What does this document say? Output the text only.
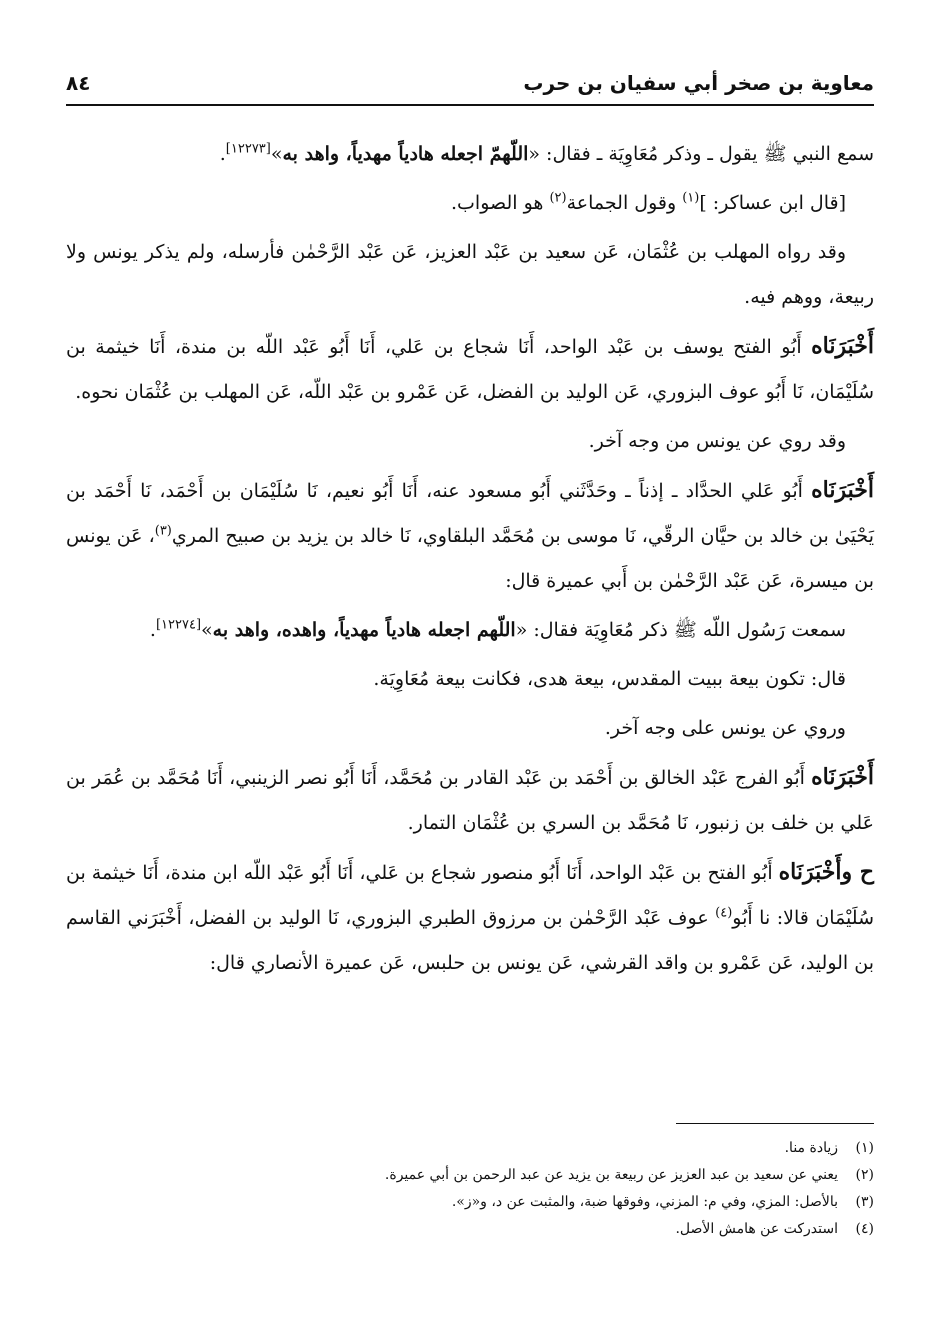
معاوية بن صخر أبي سفيان بن حرب
٨٤

سمع النبي ﷺ يقول ـ وذكر مُعَاوِيَة ـ فقال: «اللّهمّ اجعله هادياً مهدياً، واهد به»[١٢٢٧٣].

[قال ابن عساكر: ]$^{(١)}$ وقول الجماعة$^{(٢)}$ هو الصواب.

وقد رواه المهلب بن عُثْمَان، عَن سعيد بن عَبْد العزيز، عَن عَبْد الرَّحْمٰن فأرسله، ولم يذكر يونس ولا ربيعة، ووهم فيه.

أَخْبَرَنَاه أَبُو الفتح يوسف بن عَبْد الواحد، أَنَا شجاع بن عَلي، أَنَا أَبُو عَبْد اللّه بن مندة، أَنَا خيثمة بن سُلَيْمَان، نَا أَبُو عوف البزوري، عَن الوليد بن الفضل، عَن عَمْرو بن عَبْد اللّه، عَن المهلب بن عُثْمَان نحوه.

وقد روي عن يونس من وجه آخر.

أَخْبَرَنَاه أَبُو عَلي الحدَّاد ـ إذناً ـ وحَدَّثَني أَبُو مسعود عنه، أَنَا أَبُو نعيم، نَا سُلَيْمَان بن أَحْمَد، نَا أَحْمَد بن يَحْيَىٰ بن خالد بن حيَّان الرقّي، نَا موسى بن مُحَمَّد البلقاوي، نَا خالد بن يزيد بن صبيح المري$^{(٣)}$، عَن يونس بن ميسرة، عَن عَبْد الرَّحْمٰن بن أَبي عميرة قال:

سمعت رَسُول اللّه ﷺ ذكر مُعَاوِيَة فقال: «اللّهم اجعله هادياً مهدياً، واهده، واهد به»[١٢٢٧٤].

قال: تكون بيعة ببيت المقدس، بيعة هدى، فكانت بيعة مُعَاوِيَة.

وروي عن يونس على وجه آخر.

أَخْبَرَنَاه أَبُو الفرج عَبْد الخالق بن أَحْمَد بن عَبْد القادر بن مُحَمَّد، أَنَا أَبُو نصر الزينبي، أَنَا مُحَمَّد بن عُمَر بن عَلي بن خلف بن زنبور، نَا مُحَمَّد بن السري بن عُثْمَان التمار.

ح وأَخْبَرَنَاه أَبُو الفتح بن عَبْد الواحد، أَنَا أَبُو منصور شجاع بن عَلي، أَنَا أَبُو عَبْد اللّه ابن مندة، أَنَا خيثمة بن سُلَيْمَان قالا: نا أَبُو$^{(٤)}$ عوف عَبْد الرَّحْمٰن بن مرزوق الطبري البزوري، نَا الوليد بن الفضل، أَخْبَرَني القاسم بن الوليد، عَن عَمْرو بن واقد القرشي، عَن يونس بن حلبس، عَن عميرة الأنصاري قال:

(١)
زيادة منا.
(٢)
يعني عن سعيد بن عبد العزيز عن ربيعة بن يزيد عن عبد الرحمن بن أبي عميرة.
(٣)
بالأصل: المزي، وفي م: المزني، وفوقها ضبة، والمثبت عن د، و«ز».
(٤)
استدركت عن هامش الأصل.
